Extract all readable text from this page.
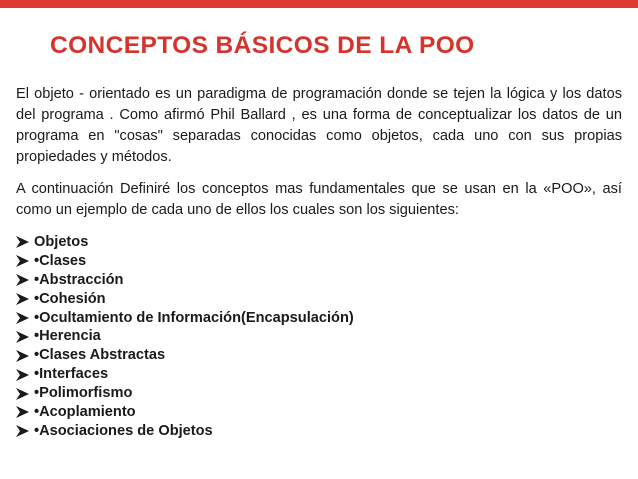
CONCEPTOS BÁSICOS DE LA POO

El objeto - orientado es un paradigma de programación donde se tejen la lógica y los datos del programa . Como afirmó Phil Ballard , es una forma de conceptualizar los datos de un programa en "cosas" separadas conocidas como objetos, cada uno con sus propias propiedades y métodos.

A continuación Definiré los conceptos mas fundamentales que se usan en la «POO», así como un ejemplo de cada uno de ellos los cuales son los siguientes:

Objetos
•Clases
•Abstracción
•Cohesión
•Ocultamiento de Información(Encapsulación)
•Herencia
•Clases Abstractas
•Interfaces
•Polimorfismo
•Acoplamiento
•Asociaciones de Objetos
